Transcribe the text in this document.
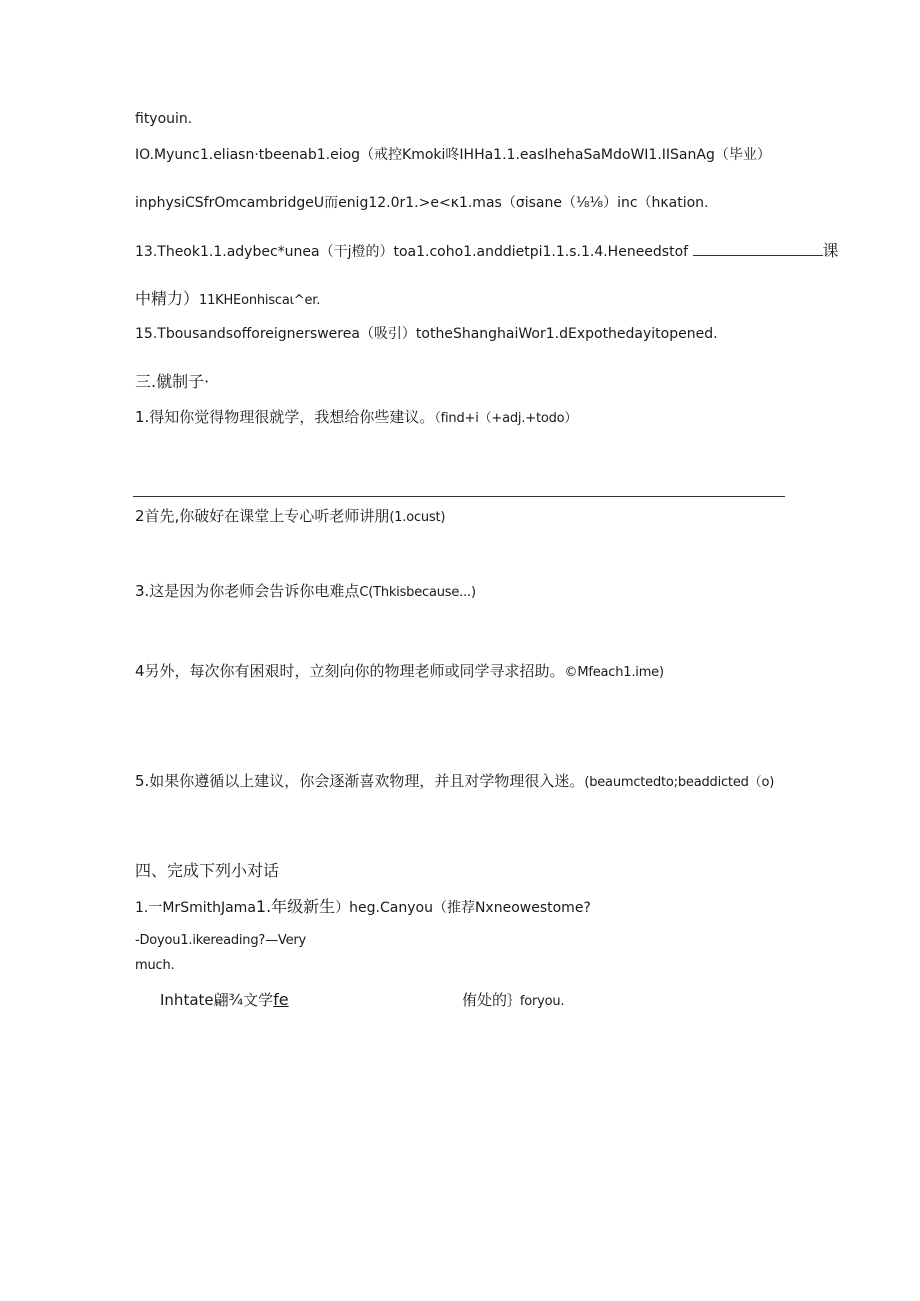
fityouin.
IO.Myunc1.eliasn·tbeenab1.eiog（戒控Kmoki咚IHHa1.1.easIhehaSaMdoWI1.IISanAg（毕业）
inphysiCSfrOmcambridgeU而enig12.0r1.>e<κ1.mas（σisane（⅛⅛）inc（hκation.
13.Theok1.1.adybec*unea（干j橙的）toa1.coho1.anddietpi1.1.s.1.4.Heneedstof	课
中精力）11KHEonhiscaι^er.
15.Tbousandsofforeignerswerea（吸引）totheShanghaiWor1.dExpothedayitopened.
三.僦制子·
1.得知你觉得物理很就学，我想给你些建议。（find+i（+adj.+todo）
2首先,你破好在课堂上专心听老师讲朋(1.ocust)
3.这是因为你老师会告诉你电难点C(Thkisbecause...)
4另外，每次你有困艰时，立刻向你的物理老师或同学寻求招助。©Mfeach1.ime)
5.如果你遵循以上建议，你会逐渐喜欢物理，并且对学物理很入迷。(beaumctedto;beaddicted（o)
四、完成下列小对话
1.一MrSmithJama1.年级新生）heg.Canyou（推荐Nxneowestome?
-Doyou1.ikereading?—Very
much.
Inhtate翩¾文学fe	侑处的｝foryou.
